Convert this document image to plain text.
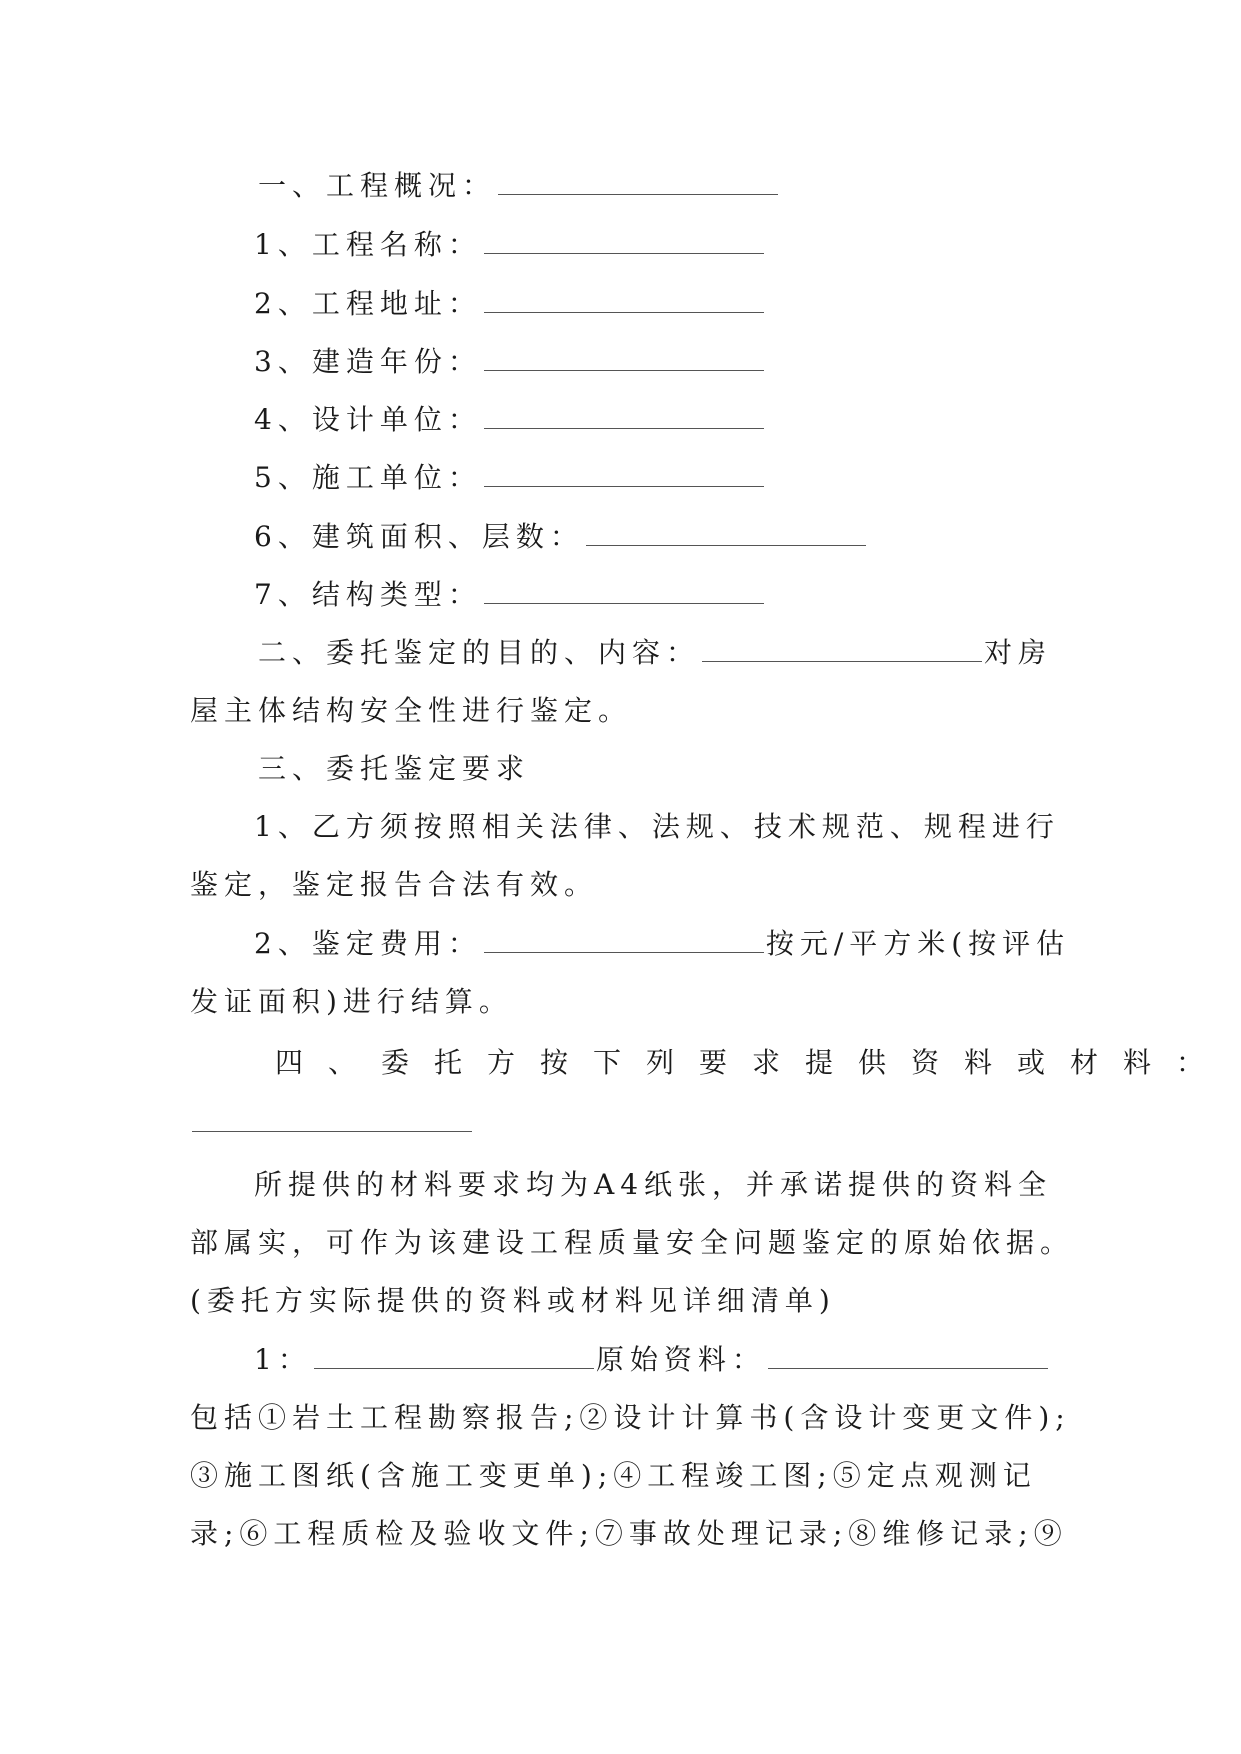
一、工程概况：
1、工程名称：
2、工程地址：
3、建造年份：
4、设计单位：
5、施工单位：
6、建筑面积、层数：
7、结构类型：
二、委托鉴定的目的、内容：	对房
屋主体结构安全性进行鉴定。
三、委托鉴定要求
1、乙方须按照相关法律、法规、技术规范、规程进行
鉴定，鉴定报告合法有效。
2、鉴定费用：	按元/平方米(按评估
发证面积)进行结算。
四、委托方按下列要求提供资料或材料：
所提供的材料要求均为A4纸张，并承诺提供的资料全
部属实，可作为该建设工程质量安全问题鉴定的原始依据。
(委托方实际提供的资料或材料见详细清单)
1：	原始资料：
包括①岩土工程勘察报告;②设计计算书(含设计变更文件);
③施工图纸(含施工变更单);④工程竣工图;⑤定点观测记
录;⑥工程质检及验收文件;⑦事故处理记录;⑧维修记录;⑨
